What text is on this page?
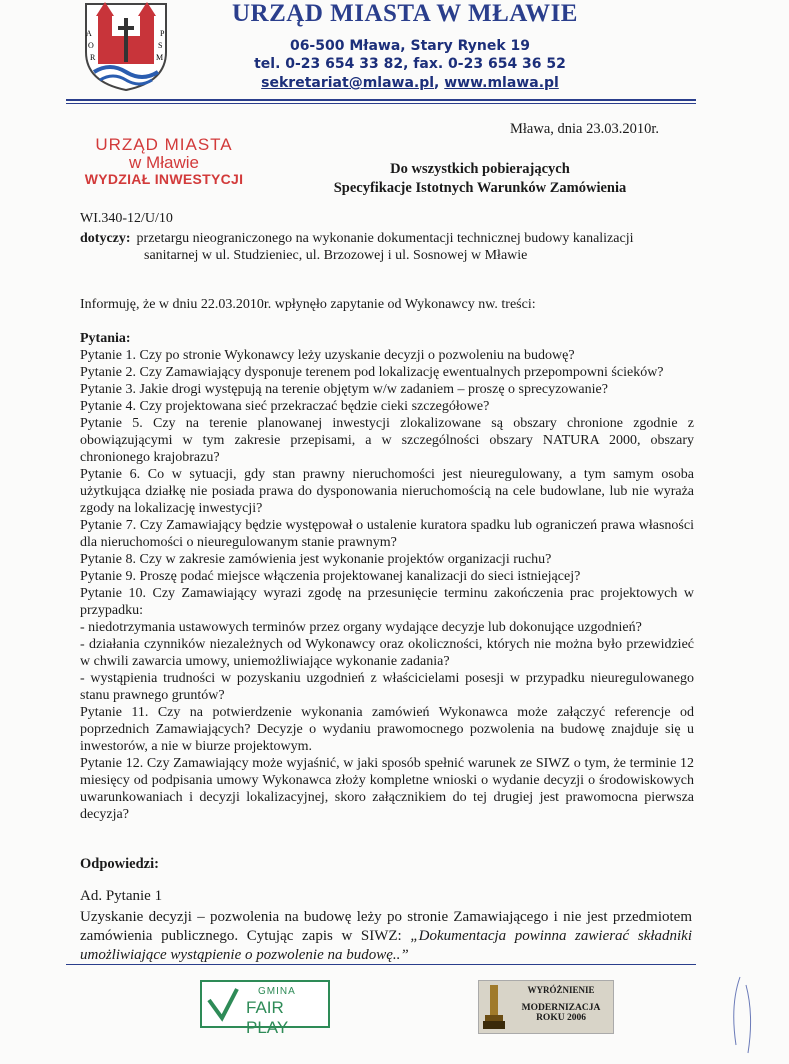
A
O
R
P
S
M
URZĄD MIASTA W MŁAWIE
06-500 Mława, Stary Rynek 19
tel. 0-23 654 33 82, fax. 0-23 654 36 52
sekretariat@mlawa.pl, www.mlawa.pl
URZĄD MIASTA
w Mławie
WYDZIAŁ INWESTYCJI
Mława, dnia 23.03.2010r.
Do wszystkich pobierających
Specyfikacje Istotnych Warunków Zamówienia
WI.340-12/U/10
dotyczy: przetargu nieograniczonego na wykonanie dokumentacji technicznej budowy kanalizacji
sanitarnej w ul. Studzieniec, ul. Brzozowej i ul. Sosnowej w Mławie
Informuję, że w dniu 22.03.2010r. wpłynęło zapytanie od Wykonawcy nw. treści:

Pytania:

Pytanie 1. Czy po stronie Wykonawcy leży uzyskanie decyzji o pozwoleniu na budowę?

Pytanie 2. Czy Zamawiający dysponuje terenem pod lokalizację ewentualnych przepompowni ścieków?

Pytanie 3. Jakie drogi występują na terenie objętym w/w zadaniem – proszę o sprecyzowanie?

Pytanie 4. Czy projektowana sieć przekraczać będzie cieki szczegółowe?

Pytanie 5. Czy na terenie planowanej inwestycji zlokalizowane są obszary chronione zgodnie z obowiązującymi w tym zakresie przepisami, a w szczególności obszary NATURA 2000, obszary chronionego krajobrazu?

Pytanie 6. Co w sytuacji, gdy stan prawny nieruchomości jest nieuregulowany, a tym samym osoba użytkująca działkę nie posiada prawa do dysponowania nieruchomością na cele budowlane, lub nie wyraża zgody na lokalizację inwestycji?

Pytanie 7. Czy Zamawiający będzie występował o ustalenie kuratora spadku lub ograniczeń prawa własności dla nieruchomości o nieuregulowanym stanie prawnym?

Pytanie 8. Czy w zakresie zamówienia jest wykonanie projektów organizacji ruchu?

Pytanie 9. Proszę podać miejsce włączenia projektowanej kanalizacji do sieci istniejącej?

Pytanie 10. Czy Zamawiający wyrazi zgodę na przesunięcie terminu zakończenia prac projektowych w przypadku:

- niedotrzymania ustawowych terminów przez organy wydające decyzje lub dokonujące uzgodnień?

- działania czynników niezależnych od Wykonawcy oraz okoliczności, których nie można było przewidzieć w chwili zawarcia umowy, uniemożliwiające wykonanie zadania?

- wystąpienia trudności w pozyskaniu uzgodnień z właścicielami posesji w przypadku nieuregulowanego stanu prawnego gruntów?

Pytanie 11. Czy na potwierdzenie wykonania zamówień Wykonawca może załączyć referencje od poprzednich Zamawiających? Decyzje o wydaniu prawomocnego pozwolenia na budowę znajduje się u inwestorów, a nie w biurze projektowym.

Pytanie 12. Czy Zamawiający może wyjaśnić, w jaki sposób spełnić warunek ze SIWZ o tym, że terminie 12 miesięcy od podpisania umowy Wykonawca złoży kompletne wnioski o wydanie decyzji o środowiskowych uwarunkowaniach i decyzji lokalizacyjnej, skoro załącznikiem do tej drugiej jest prawomocna pierwsza decyzja?

Odpowiedzi:
Ad. Pytanie 1
Uzyskanie decyzji – pozwolenia na budowę leży po stronie Zamawiającego i nie jest przedmiotem zamówienia publicznego. Cytując zapis w SIWZ: „Dokumentacja powinna zawierać składniki umożliwiające wystąpienie o pozwolenie na budowę..”
GMINA
FAIR PLAY
WYRÓŻNIENIE
MODERNIZACJA ROKU 2006
